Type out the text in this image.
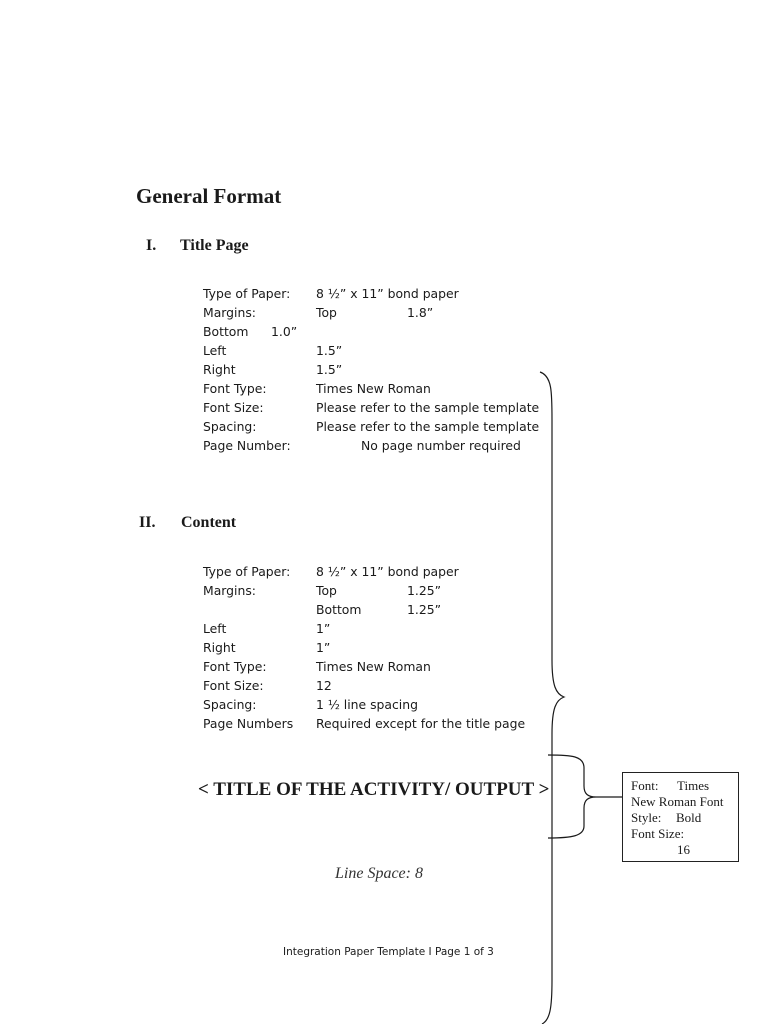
General Format
I. Title Page
Type of Paper: 8 ½” x 11” bond paper
Margins:	Top	1.8”
Bottom 1.0”
Left	1.5”
Right	1.5”
Font Type:	Times New Roman
Font Size:	Please refer to the sample template
Spacing:	Please refer to the sample template
Page Number:	No page number required
II. Content
Type of Paper: 8 ½” x 11” bond paper
Margins:	Top	1.25”
Bottom	1.25”
Left	1”
Right	1”
Font Type:	Times New Roman
Font Size:	12
Spacing:	1 ½ line spacing
Page Numbers Required except for the title page
< TITLE OF THE ACTIVITY/ OUTPUT >
Line Space: 8
Integration Paper Template I Page 1 of 3
Font: Times
New Roman Font
Style: Bold
Font Size:
16
